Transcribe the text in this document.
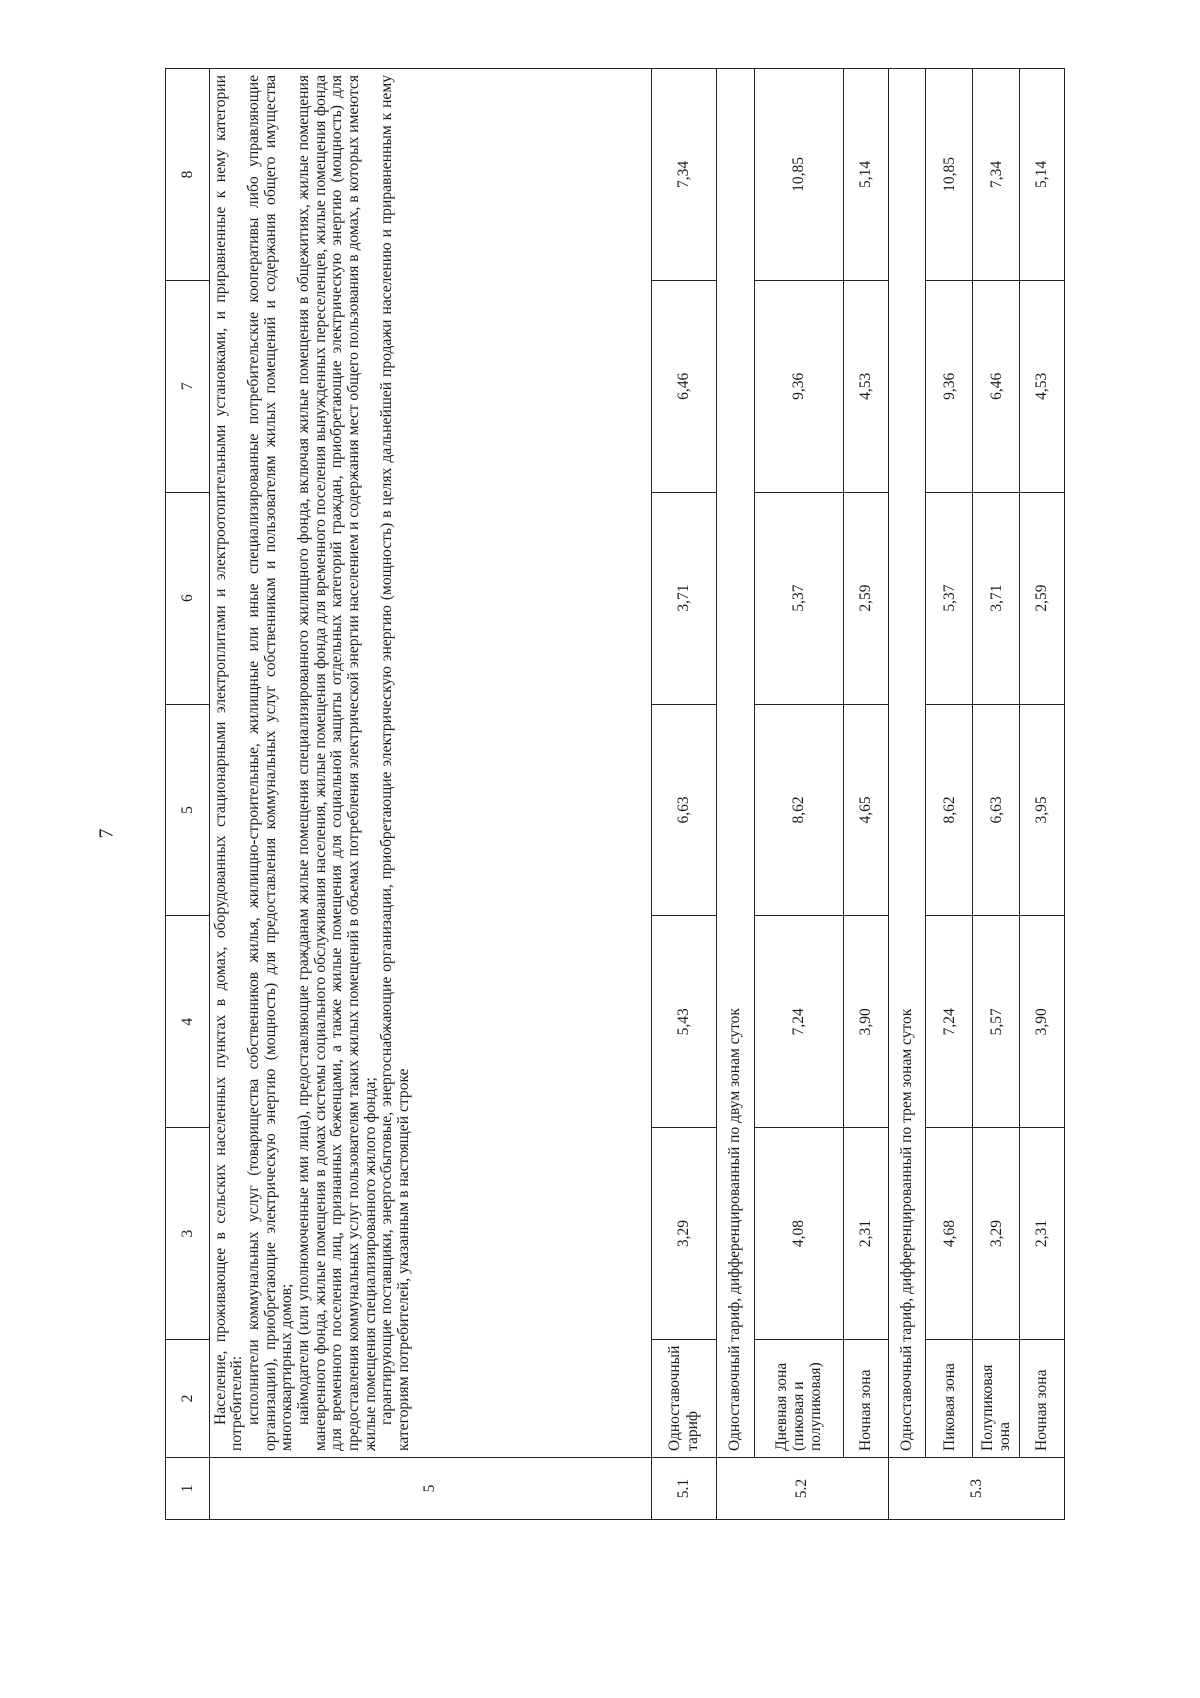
7
1	2	3	4	5	6	7	8
5	Население, проживающее в сельских населенных пунктах в домах, оборудованных стационарными электроплитами и электроотопительными установками, и приравненные к нему категории потребителей: исполнители коммунальных услуг (товарищества собственников жилья, жилищно-строительные, жилищные или иные специализированные потребительские кооперативы либо управляющие организации), приобретающие электрическую энергию (мощность) для предоставления коммунальных услуг собственникам и пользователям жилых помещений и содержания общего имущества многоквартирных домов; наймодатели (или уполномоченные ими лица), предоставляющие гражданам жилые помещения специализированного жилищного фонда, включая жилые помещения в общежитиях, жилые помещения маневренного фонда, жилые помещения в домах системы социального обслуживания населения, жилые помещения фонда для временного поселения вынужденных переселенцев, жилые помещения фонда для временного поселения лиц, признанных беженцами, а также жилые помещения для социальной защиты отдельных категорий граждан, приобретающие электрическую энергию (мощность) для предоставления коммунальных услуг пользователям таких жилых помещений в объемах потребления электрической энергии населением и содержания мест общего пользования в домах, в которых имеются жилые помещения специализированного жилого фонда; гарантирующие поставщики, энергосбытовые, энергоснабжающие организации, приобретающие электрическую энергию (мощность) в целях дальнейшей продажи населению и приравненным к нему категориям потребителей, указанным в настоящей строке						

5.1	Одноставочный тариф	3,29	5,43	6,63	3,71	6,46	7,34
5.2	Одноставочный тариф, дифференцированный по двум зонам суток						
	Дневная зона (пиковая и полупиковая)	4,08	7,24	8,62	5,37	9,36	10,85
	Ночная зона	2,31	3,90	4,65	2,59	4,53	5,14
5.3	Одноставочный тариф, дифференцированный по трем зонам суток						
	Пиковая зона	4,68	7,24	8,62	5,37	9,36	10,85
	Полупиковая зона	3,29	5,57	6,63	3,71	6,46	7,34
	Ночная зона	2,31	3,90	3,95	2,59	4,53	5,14
